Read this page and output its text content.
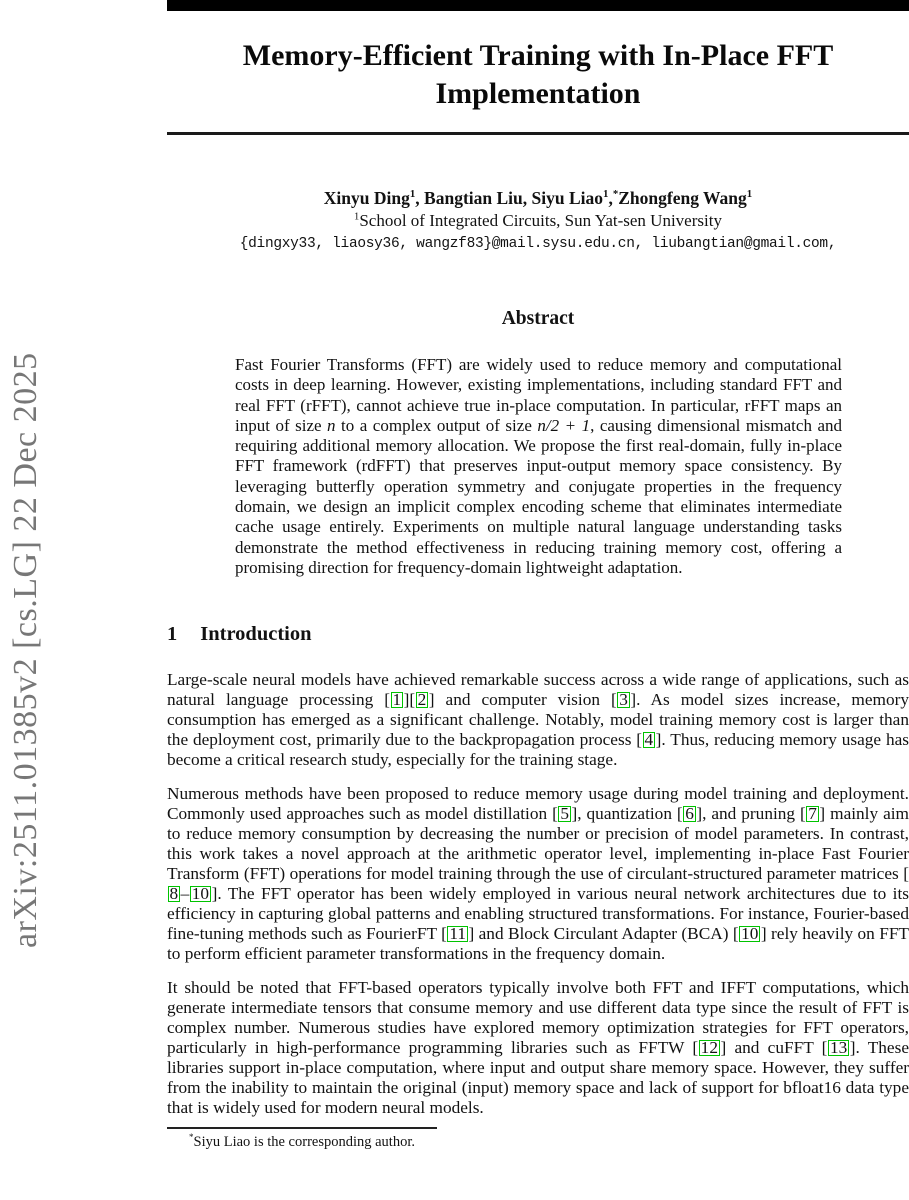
arXiv:2511.01385v2 [cs.LG] 22 Dec 2025
Memory-Efficient Training with In-Place FFT Implementation
Xinyu Ding$^1$, Bangtian Liu, Siyu Liao$^1$,*Zhongfeng Wang$^1$
$^1$School of Integrated Circuits, Sun Yat-sen University
{dingxy33, liaosy36, wangzf83}@mail.sysu.edu.cn, liubangtian@gmail.com,
Abstract

Fast Fourier Transforms (FFT) are widely used to reduce memory and computational costs in deep learning. However, existing implementations, including standard FFT and real FFT (rFFT), cannot achieve true in-place computation. In particular, rFFT maps an input of size n to a complex output of size n/2 + 1, causing dimensional mismatch and requiring additional memory allocation. We propose the first real-domain, fully in-place FFT framework (rdFFT) that preserves input-output memory space consistency. By leveraging butterfly operation symmetry and conjugate properties in the frequency domain, we design an implicit complex encoding scheme that eliminates intermediate cache usage entirely. Experiments on multiple natural language understanding tasks demonstrate the method effectiveness in reducing training memory cost, offering a promising direction for frequency-domain lightweight adaptation.

1 Introduction

Large-scale neural models have achieved remarkable success across a wide range of applications, such as natural language processing [ 1 ][ 2 ] and computer vision [ 3 ]. As model sizes increase, memory consumption has emerged as a significant challenge. Notably, model training memory cost is larger than the deployment cost, primarily due to the backpropagation process [ 4 ]. Thus, reducing memory usage has become a critical research study, especially for the training stage.

Numerous methods have been proposed to reduce memory usage during model training and deployment. Commonly used approaches such as model distillation [ 5 ], quantization [ 6 ], and pruning [ 7 ] mainly aim to reduce memory consumption by decreasing the number or precision of model parameters. In contrast, this work takes a novel approach at the arithmetic operator level, implementing in-place Fast Fourier Transform (FFT) operations for model training through the use of circulant-structured parameter matrices [8 – 10 ]. The FFT operator has been widely employed in various neural network architectures due to its efficiency in capturing global patterns and enabling structured transformations. For instance, Fourier-based fine-tuning methods such as FourierFT [ 11 ] and Block Circulant Adapter (BCA) [ 10 ] rely heavily on FFT to perform efficient parameter transformations in the frequency domain.

It should be noted that FFT-based operators typically involve both FFT and IFFT computations, which generate intermediate tensors that consume memory and use different data type since the result of FFT is complex number. Numerous studies have explored memory optimization strategies for FFT operators, particularly in high-performance programming libraries such as FFTW [ 12 ] and cuFFT [ 13 ]. These libraries support in-place computation, where input and output share memory space. However, they suffer from the inability to maintain the original (input) memory space and lack of support for bfloat16 data type that is widely used for modern neural models.

*Siyu Liao is the corresponding author.
